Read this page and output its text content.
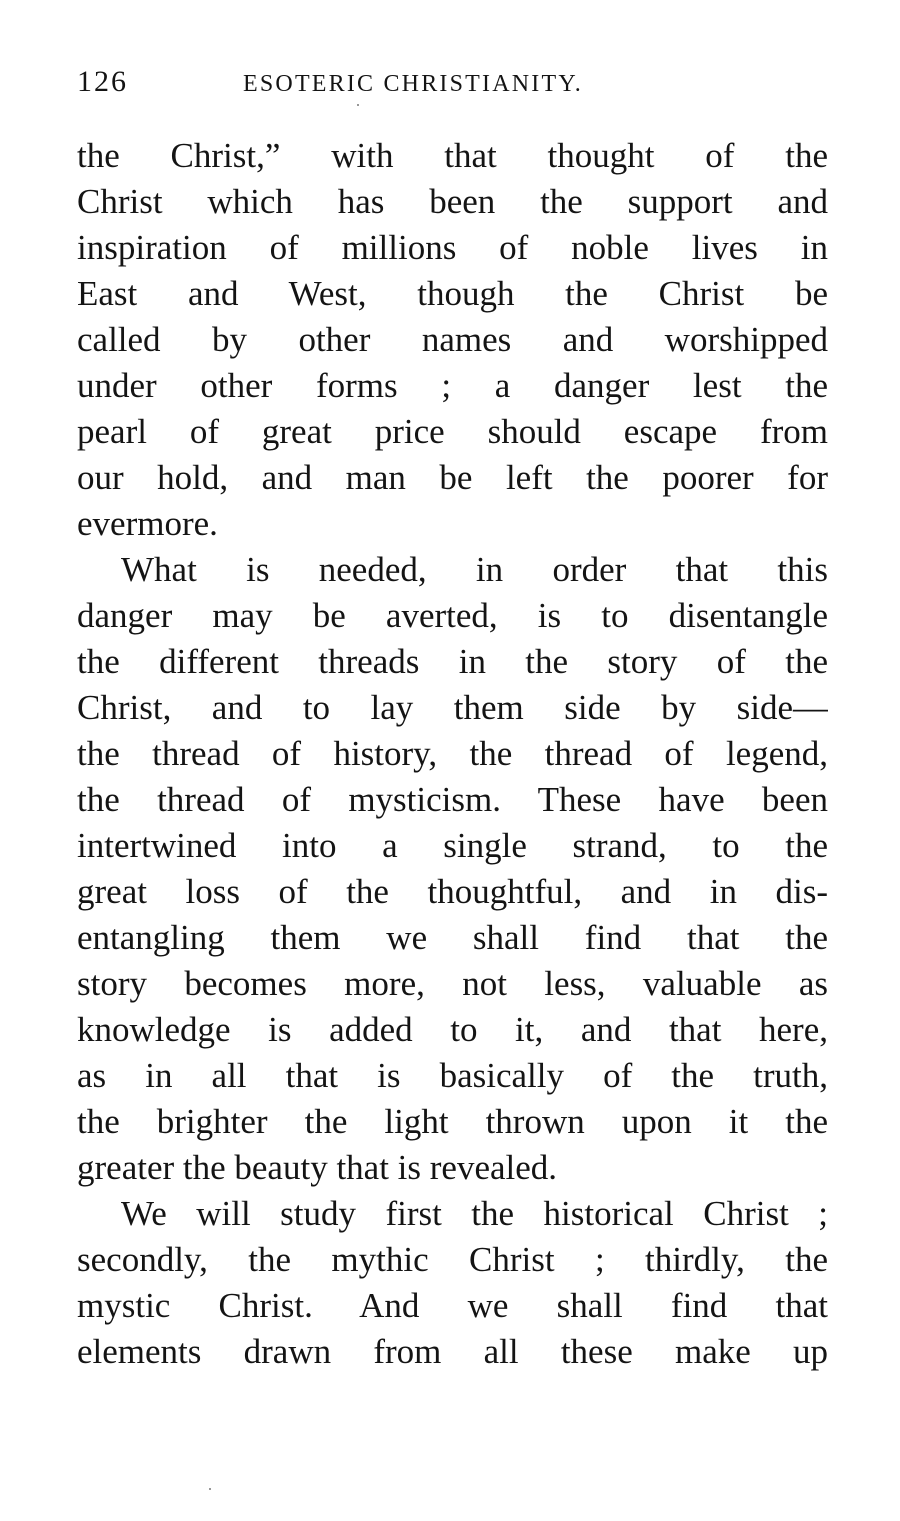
126	ESOTERIC CHRISTIANITY.
the Christ,” with that thought of the
Christ which has been the support and
inspiration of millions of noble lives in
East and West, though the Christ be
called by other names and worshipped
under other forms ; a danger lest the
pearl of great price should escape from
our hold, and man be left the poorer for
evermore.
What is needed, in order that this
danger may be averted, is to disentangle
the different threads in the story of the
Christ, and to lay them side by side—
the thread of history, the thread of legend,
the thread of mysticism. These have been
intertwined into a single strand, to the
great loss of the thoughtful, and in dis-
entangling them we shall find that the
story becomes more, not less, valuable as
knowledge is added to it, and that here,
as in all that is basically of the truth,
the brighter the light thrown upon it the
greater the beauty that is revealed.
We will study first the historical Christ ;
secondly, the mythic Christ ; thirdly, the
mystic Christ. And we shall find that
elements drawn from all these make up
